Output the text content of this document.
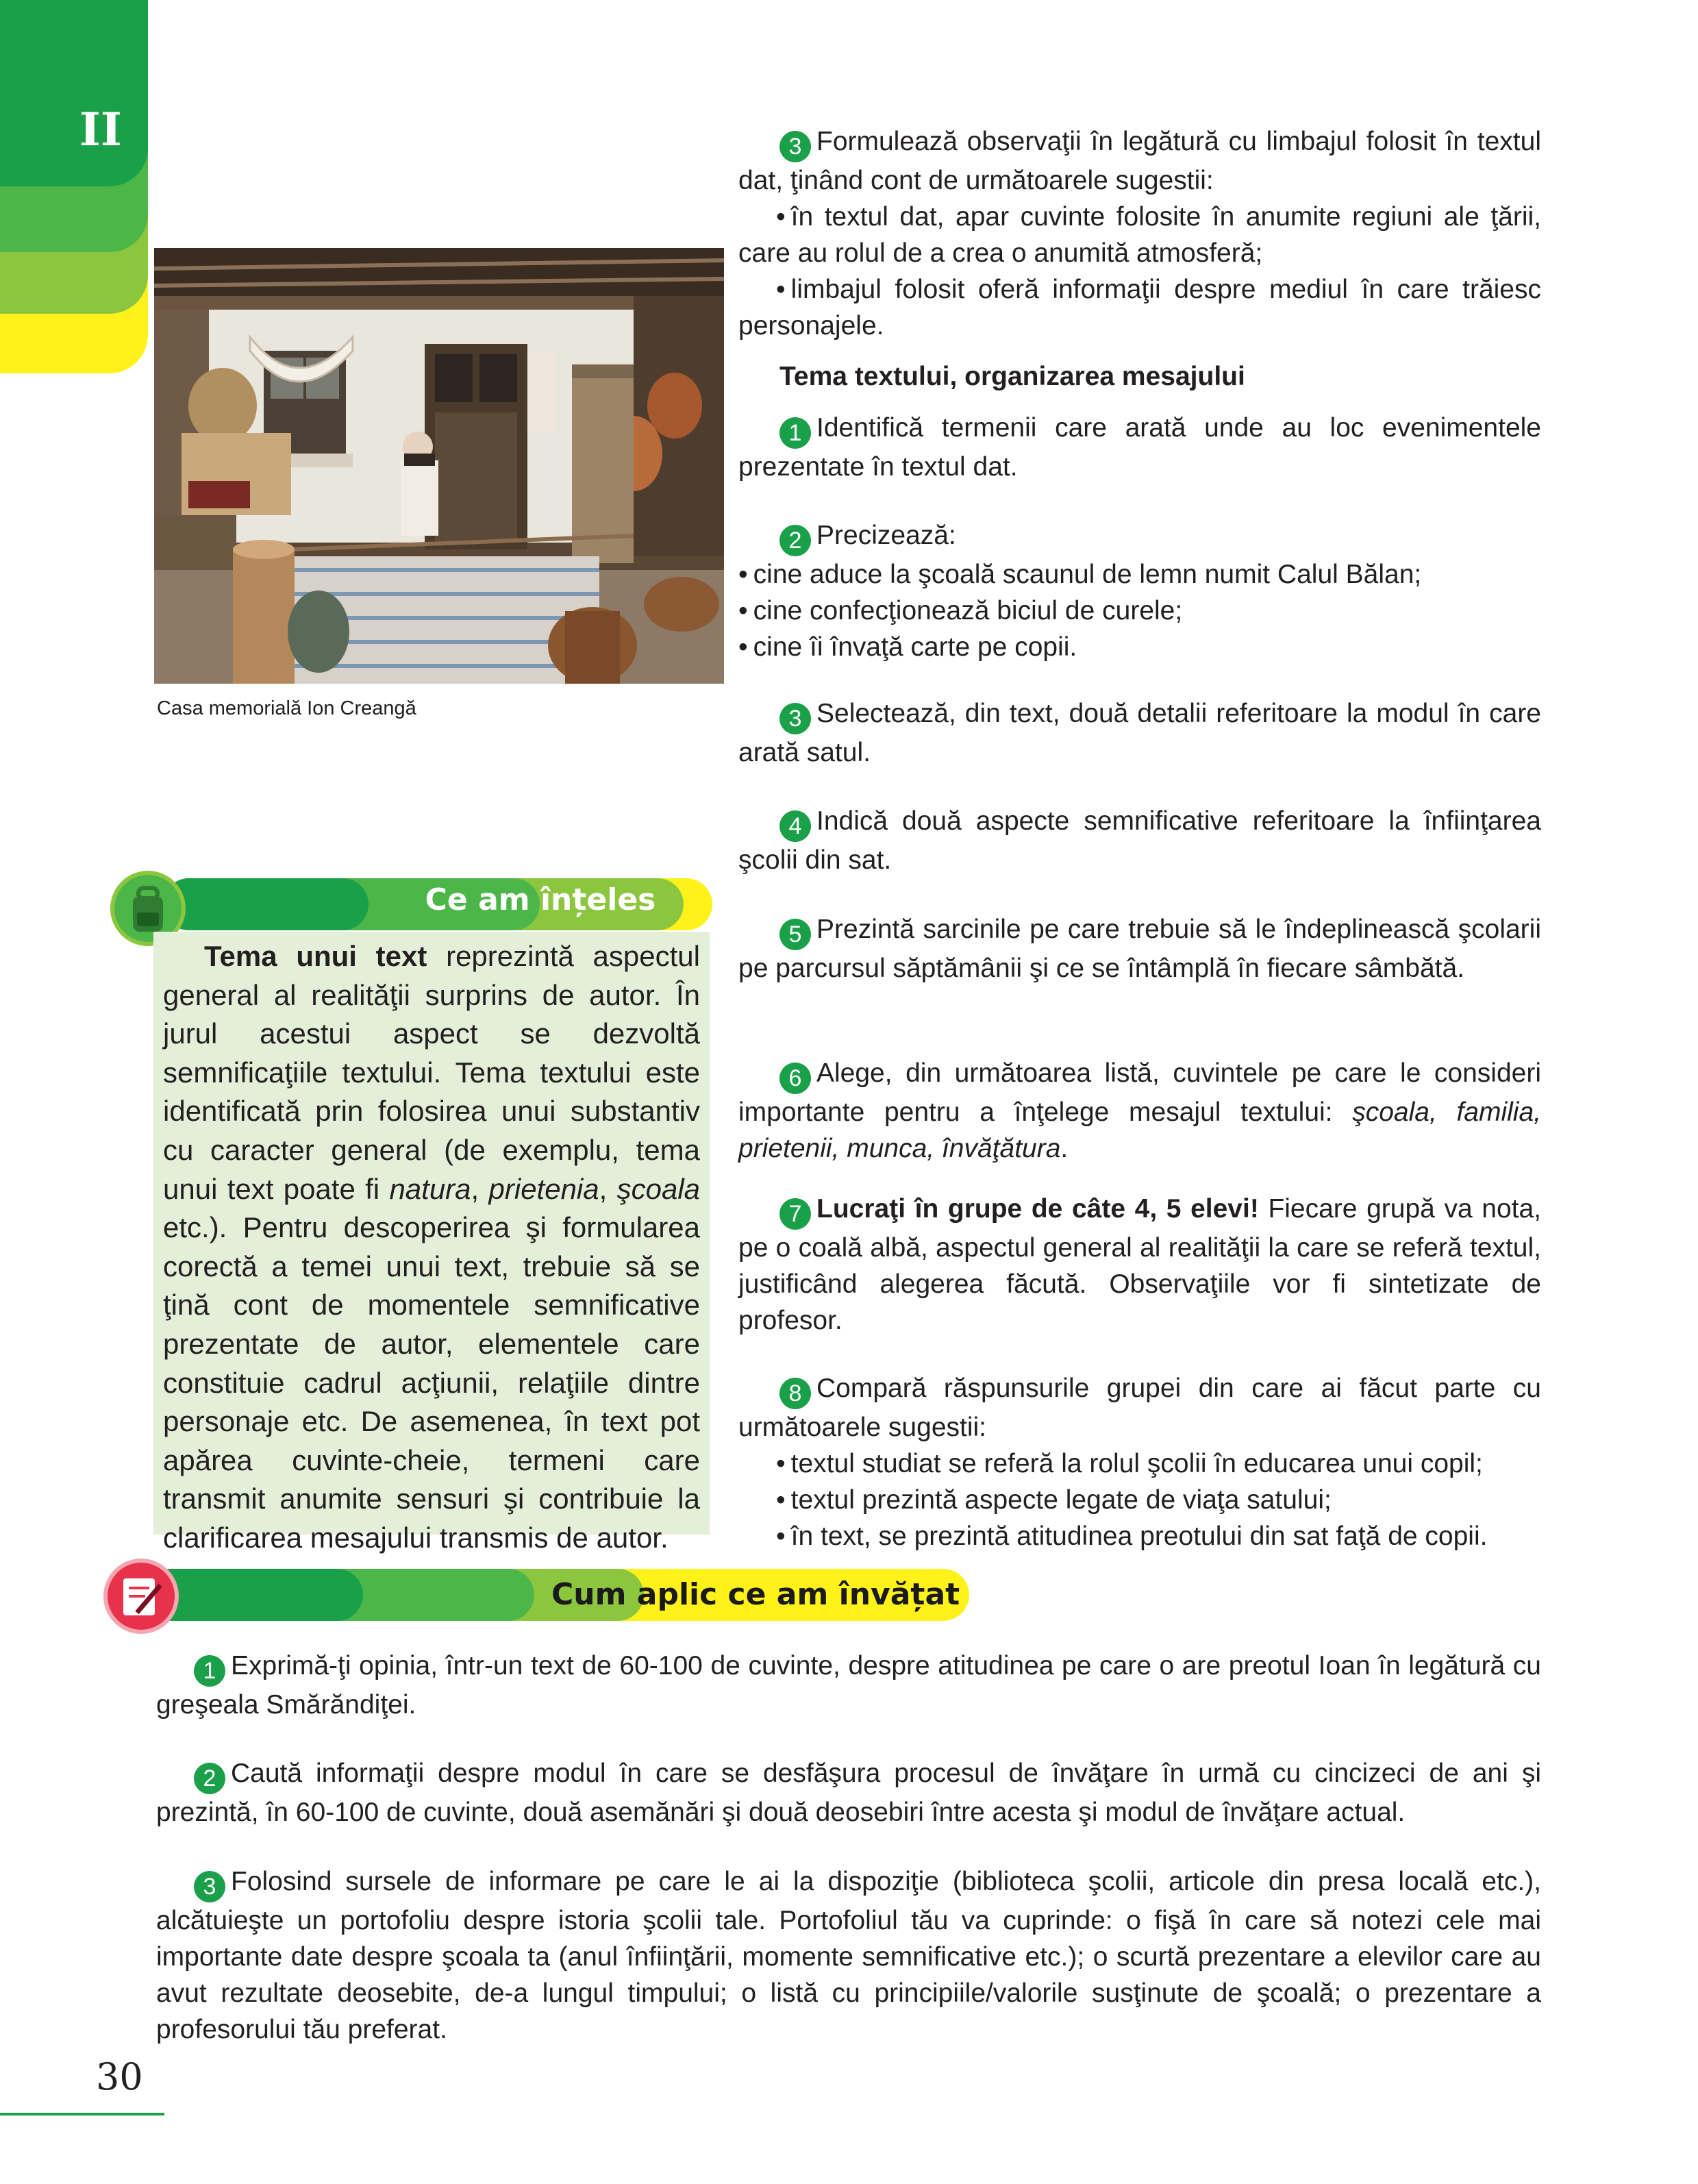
II
Casa memorială Ion Creangă
3 Formulează observaţii în legătură cu limbajul folosit în textul dat, ţinând cont de următoarele sugestii:
• în textul dat, apar cuvinte folosite în anumite regiuni ale ţării, care au rolul de a crea o anumită atmosferă;
• limbajul folosit oferă informaţii despre mediul în care trăiesc personajele.
Tema textului, organizarea mesajului
1 Identifică termenii care arată unde au loc evenimentele prezentate în textul dat.
2 Precizează:
• cine aduce la şcoală scaunul de lemn numit Calul Bălan;
• cine confecţionează biciul de curele;
• cine îi învaţă carte pe copii.
3 Selectează, din text, două detalii referitoare la modul în care arată satul.
4 Indică două aspecte semnificative referitoare la înfiinţarea şcolii din sat.
5 Prezintă sarcinile pe care trebuie să le îndeplinească şcolarii pe parcursul săptămânii şi ce se întâmplă în fiecare sâmbătă.
6 Alege, din următoarea listă, cuvintele pe care le consideri importante pentru a înţelege mesajul textului: şcoala, familia, prietenii, munca, învăţătura.
7 Lucraţi în grupe de câte 4, 5 elevi! Fiecare grupă va nota, pe o coală albă, aspectul general al realităţii la care se referă textul, justificând alegerea făcută. Observaţiile vor fi sintetizate de profesor.
8 Compară răspunsurile grupei din care ai făcut parte cu următoarele sugestii:
• textul studiat se referă la rolul şcolii în educarea unui copil;
• textul prezintă aspecte legate de viaţa satului;
• în text, se prezintă atitudinea preotului din sat faţă de copii.
Ce am înțeles
Tema unui text reprezintă aspectul general al realităţii surprins de autor. În jurul acestui aspect se dezvoltă semnificaţiile textului. Tema textului este identificată prin folosirea unui substantiv cu caracter general (de exemplu, tema unui text poate fi natura, prietenia, şcoala etc.). Pentru descoperirea şi formularea corectă a temei unui text, trebuie să se ţină cont de momentele semnificative prezentate de autor, elementele care constituie cadrul acţiunii, relaţiile dintre personaje etc. De asemenea, în text pot apărea cuvinte-cheie, termeni care transmit anumite sensuri şi contribuie la clarificarea mesajului transmis de autor.
Cum aplic ce am învățat
1 Exprimă-ţi opinia, într-un text de 60-100 de cuvinte, despre atitudinea pe care o are preotul Ioan în legătură cu greşeala Smărăndiţei.
2 Caută informaţii despre modul în care se desfăşura procesul de învăţare în urmă cu cincizeci de ani şi prezintă, în 60-100 de cuvinte, două asemănări şi două deosebiri între acesta şi modul de învăţare actual.
3 Folosind sursele de informare pe care le ai la dispoziţie (biblioteca şcolii, articole din presa locală etc.), alcătuieşte un portofoliu despre istoria şcolii tale. Portofoliul tău va cuprinde: o fişă în care să notezi cele mai importante date despre şcoala ta (anul înfiinţării, momente semnificative etc.); o scurtă prezentare a elevilor care au avut rezultate deosebite, de-a lungul timpului; o listă cu principiile/valorile susţinute de şcoală; o prezentare a profesorului tău preferat.
30
